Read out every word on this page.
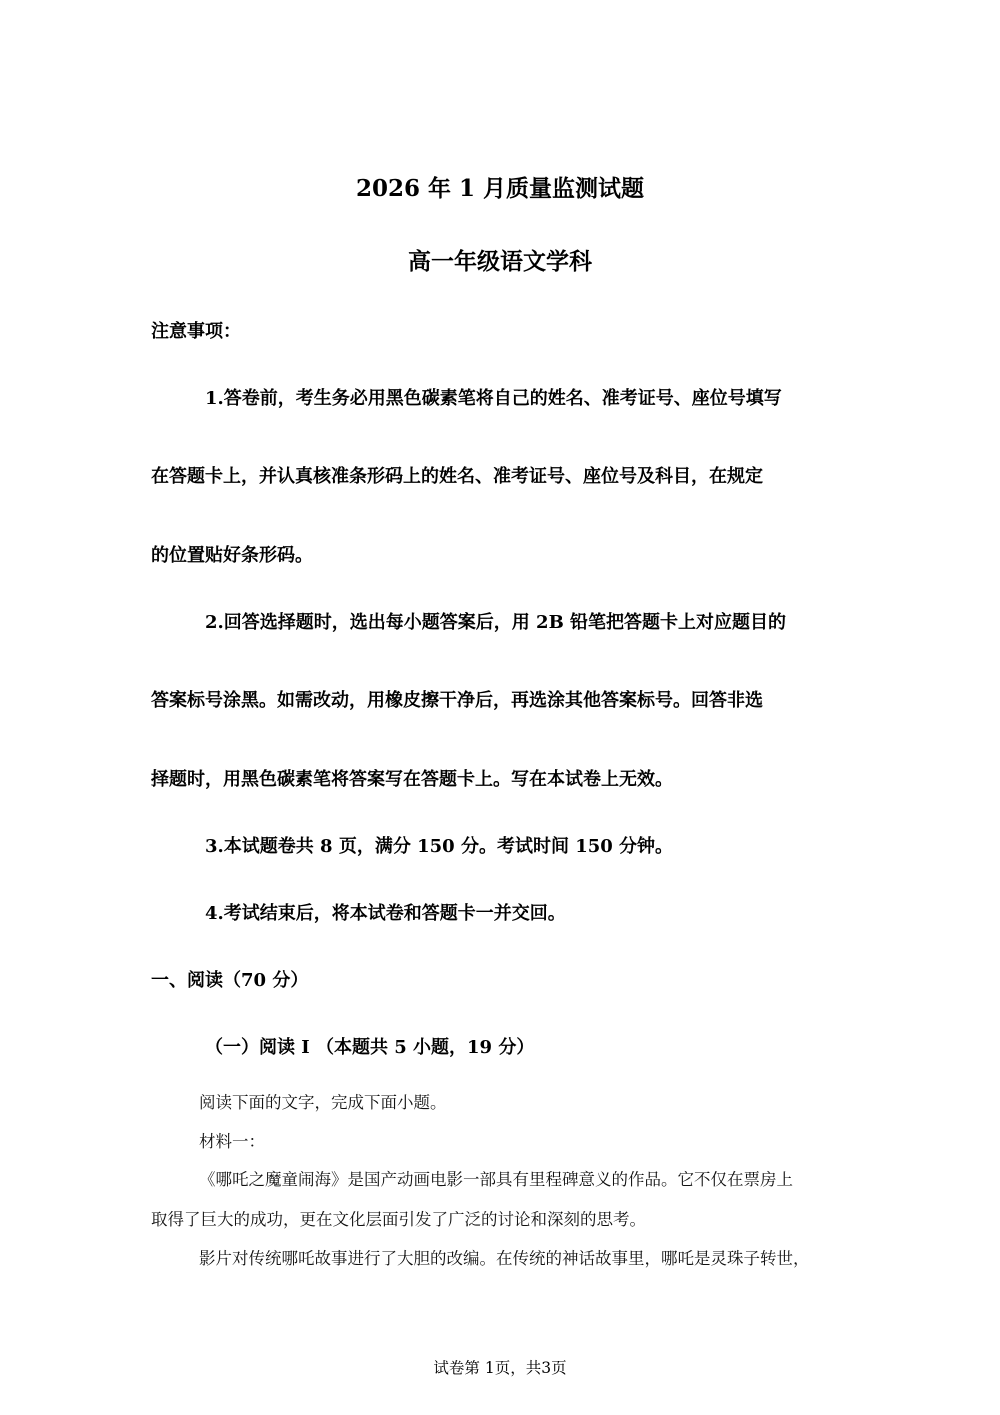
2026 年 1 月质量监测试题
高一年级语文学科
注意事项：
1.答卷前，考生务必用黑色碳素笔将自己的姓名、准考证号、座位号填写
在答题卡上，并认真核准条形码上的姓名、准考证号、座位号及科目，在规定
的位置贴好条形码。
2.回答选择题时，选出每小题答案后，用 2B 铅笔把答题卡上对应题目的
答案标号涂黑。如需改动，用橡皮擦干净后，再选涂其他答案标号。回答非选
择题时，用黑色碳素笔将答案写在答题卡上。写在本试卷上无效。
3.本试题卷共 8 页，满分 150 分。考试时间 150 分钟。
4.考试结束后，将本试卷和答题卡一并交回。
一、阅读（70 分）
（一）阅读 I （本题共 5 小题，19 分）
阅读下面的文字，完成下面小题。
材料一：
《哪吒之魔童闹海》是国产动画电影一部具有里程碑意义的作品。它不仅在票房上
取得了巨大的成功，更在文化层面引发了广泛的讨论和深刻的思考。
影片对传统哪吒故事进行了大胆的改编。在传统的神话故事里，哪吒是灵珠子转世，
试卷第 1页，共3页
